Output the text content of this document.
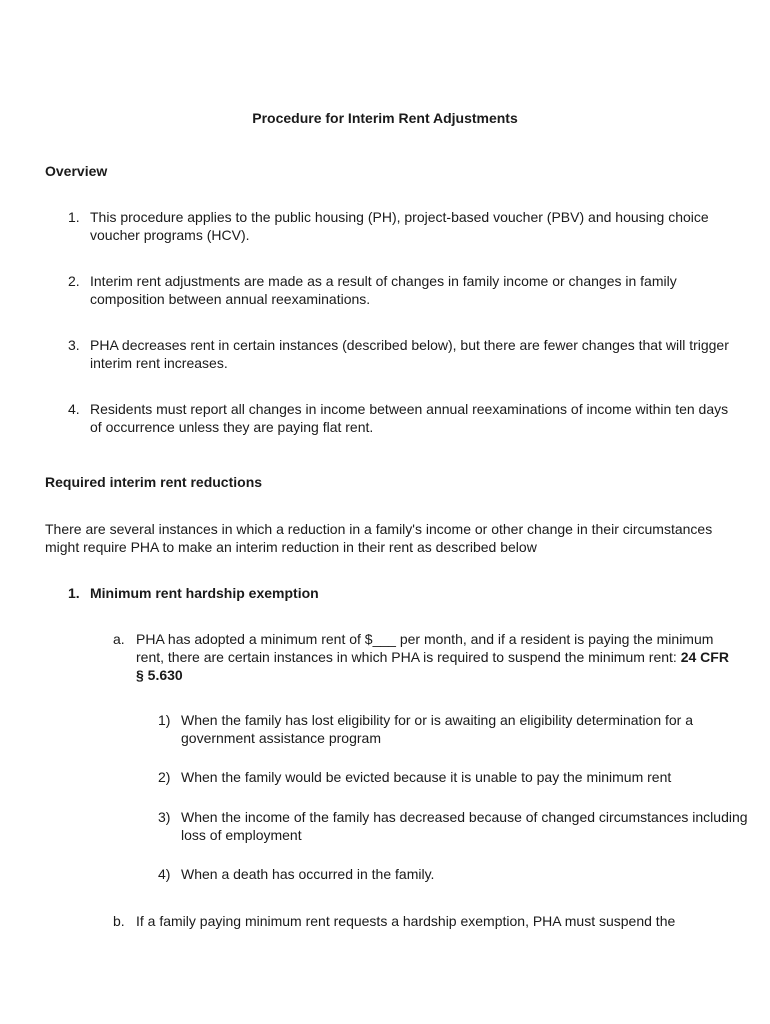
Procedure for Interim Rent Adjustments
Overview
1. This procedure applies to the public housing (PH), project-based voucher (PBV) and housing choice voucher programs (HCV).
2. Interim rent adjustments are made as a result of changes in family income or changes in family composition between annual reexaminations.
3. PHA decreases rent in certain instances (described below), but there are fewer changes that will trigger interim rent increases.
4. Residents must report all changes in income between annual reexaminations of income within ten days of occurrence unless they are paying flat rent.
Required interim rent reductions
There are several instances in which a reduction in a family's income or other change in their circumstances might require PHA to make an interim reduction in their rent as described below
1. Minimum rent hardship exemption
a. PHA has adopted a minimum rent of $___ per month, and if a resident is paying the minimum rent, there are certain instances in which PHA is required to suspend the minimum rent: 24 CFR § 5.630
1) When the family has lost eligibility for or is awaiting an eligibility determination for a government assistance program
2) When the family would be evicted because it is unable to pay the minimum rent
3) When the income of the family has decreased because of changed circumstances including loss of employment
4) When a death has occurred in the family.
b. If a family paying minimum rent requests a hardship exemption, PHA must suspend the
